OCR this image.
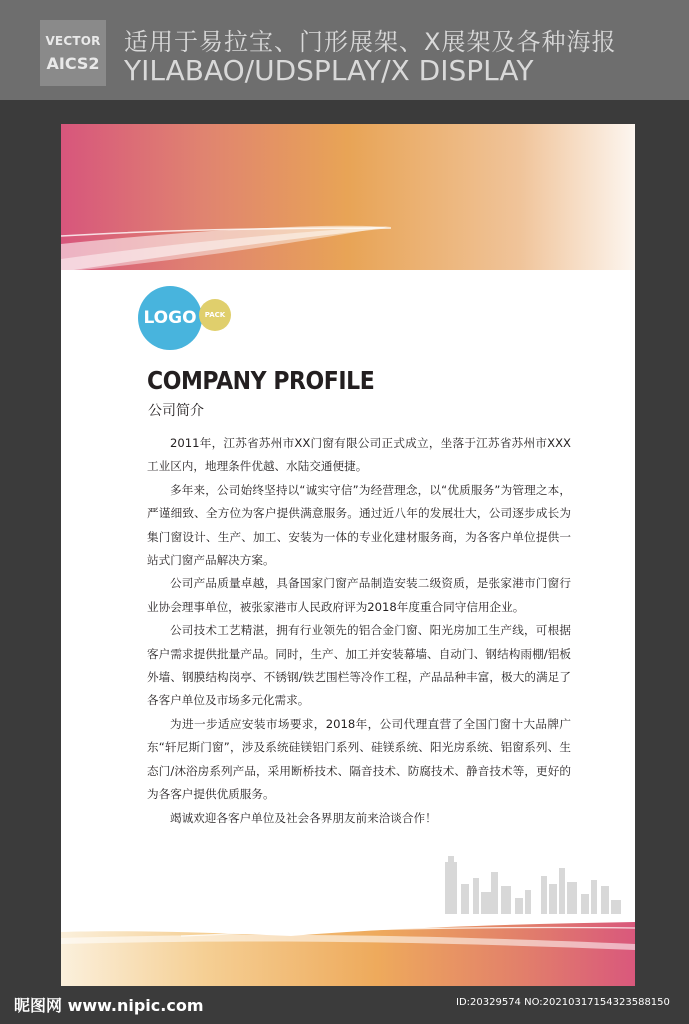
VECTOR
AICS2
适用于易拉宝、门形展架、X展架及各种海报
YILABAO/UDSPLAY/X DISPLAY
LOGO	PACK
COMPANY PROFILE
公司简介

2011年，江苏省苏州市XX门窗有限公司正式成立，坐落于江苏省苏州市XXX工业区内，地理条件优越、水陆交通便捷。

多年来，公司始终坚持以“诚实守信”为经营理念，以“优质服务”为管理之本，严谨细致、全方位为客户提供满意服务。通过近八年的发展壮大，公司逐步成长为集门窗设计、生产、加工、安装为一体的专业化建材服务商，为各客户单位提供一站式门窗产品解决方案。

公司产品质量卓越，具备国家门窗产品制造安装二级资质，是张家港市门窗行业协会理事单位，被张家港市人民政府评为2018年度重合同守信用企业。

公司技术工艺精湛，拥有行业领先的铝合金门窗、阳光房加工生产线，可根据客户需求提供批量产品。同时，生产、加工并安装幕墙、自动门、钢结构雨棚/铝板外墙、钢膜结构岗亭、不锈钢/铁艺围栏等冷作工程，产品品种丰富，极大的满足了各客户单位及市场多元化需求。

为进一步适应安装市场要求，2018年，公司代理直营了全国门窗十大品牌广东“轩尼斯门窗”，涉及系统硅镁铝门系列、硅镁系统、阳光房系统、铝窗系列、生态门/沐浴房系列产品，采用断桥技术、隔音技术、防腐技术、静音技术等，更好的为各客户提供优质服务。

竭诚欢迎各客户单位及社会各界朋友前来洽谈合作！

昵图网 www.nipic.com	ID:20329574 NO:20210317154323588150
